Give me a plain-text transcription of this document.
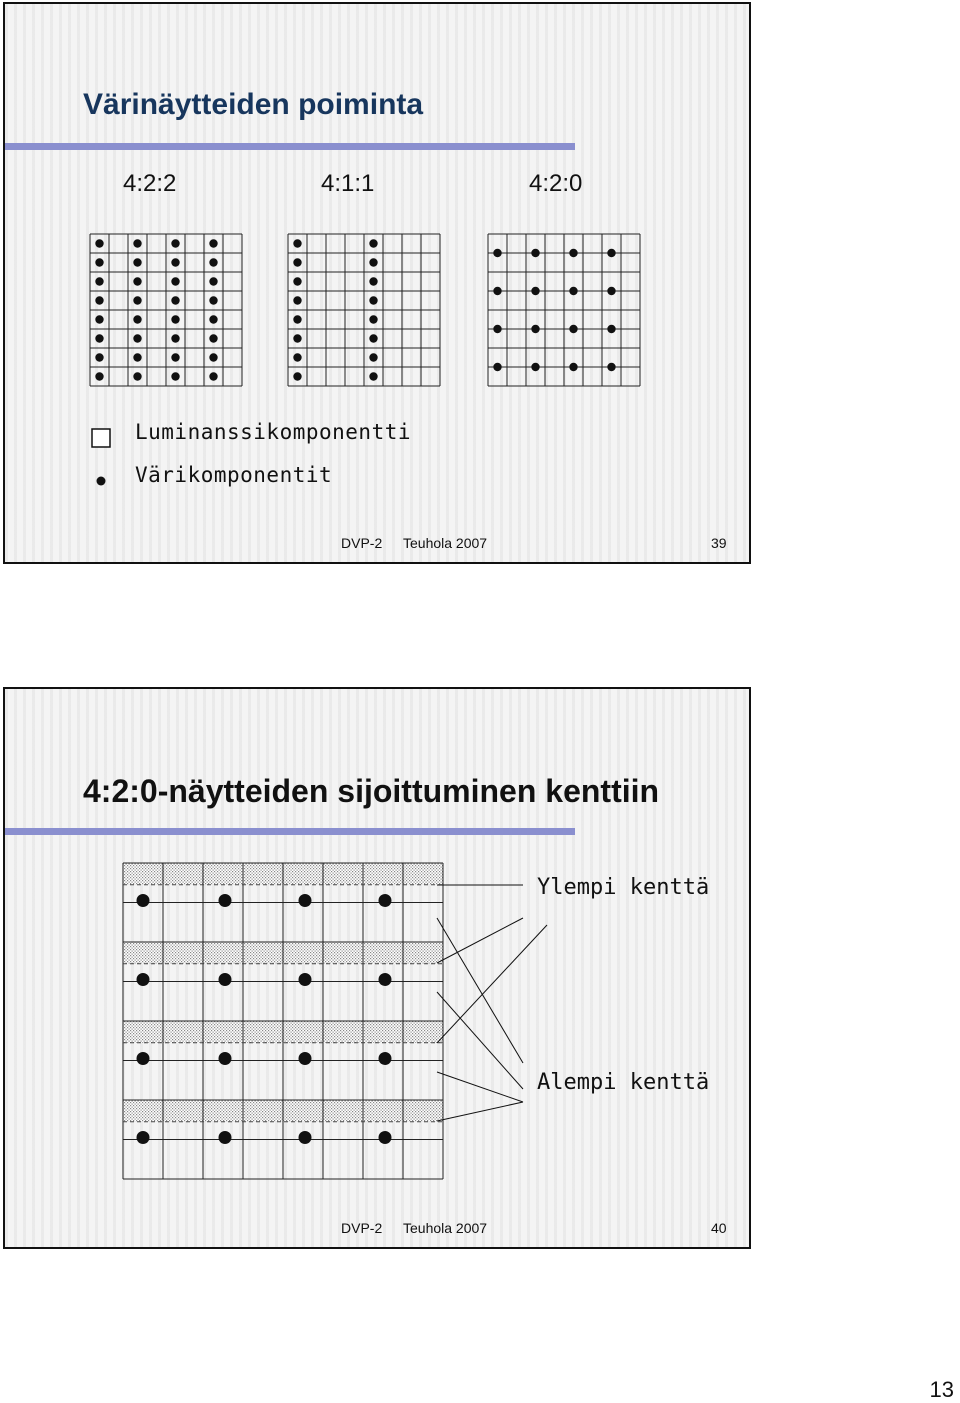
Värinäytteiden poiminta
4:2:2	4:1:1	4:2:0
Luminanssikomponentti
Värikomponentit
DVP-2 Teuhola 2007	39
4:2:0-näytteiden sijoittuminen kenttiin
Ylempi kenttä
Alempi kenttä
DVP-2 Teuhola 2007	40
13
